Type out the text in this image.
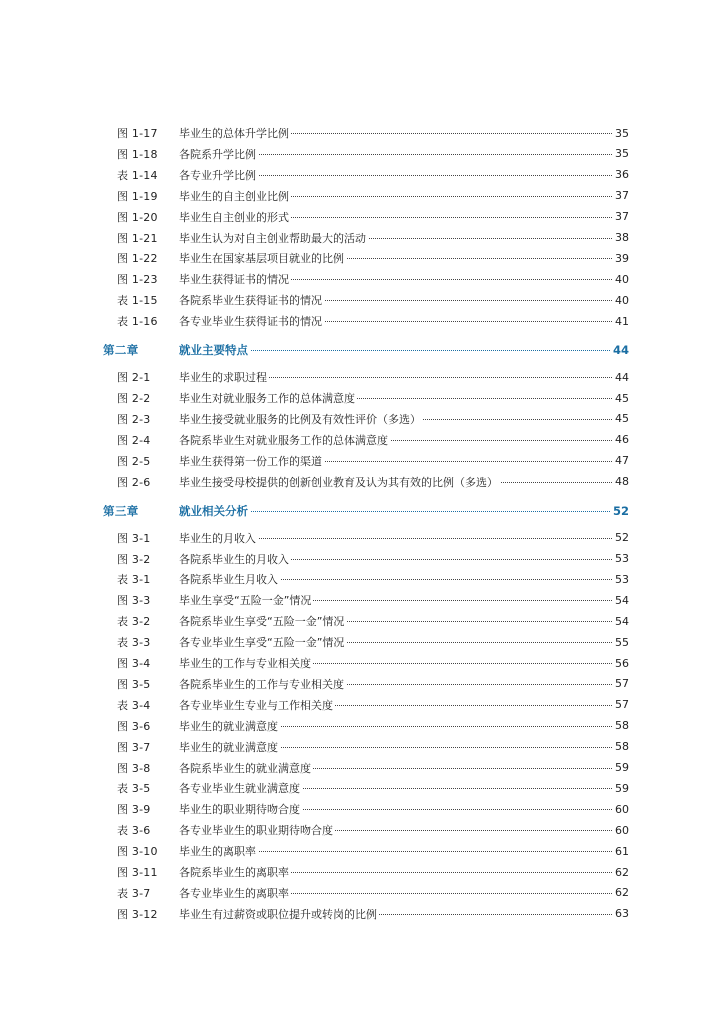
图 1-17 毕业生的总体升学比例	35
图 1-18 各院系升学比例	35
表 1-14 各专业升学比例	36
图 1-19 毕业生的自主创业比例	37
图 1-20 毕业生自主创业的形式	37
图 1-21 毕业生认为对自主创业帮助最大的活动	38
图 1-22 毕业生在国家基层项目就业的比例	39
图 1-23 毕业生获得证书的情况	40
表 1-15 各院系毕业生获得证书的情况	40
表 1-16 各专业毕业生获得证书的情况	41
第二章	就业主要特点	44
图 2-1	毕业生的求职过程	44
图 2-2	毕业生对就业服务工作的总体满意度	45
图 2-3	毕业生接受就业服务的比例及有效性评价（多选）	45
图 2-4	各院系毕业生对就业服务工作的总体满意度	46
图 2-5	毕业生获得第一份工作的渠道	47
图 2-6	毕业生接受母校提供的创新创业教育及认为其有效的比例（多选）	48
第三章	就业相关分析	52
图 3-1	毕业生的月收入	52
图 3-2	各院系毕业生的月收入	53
表 3-1	各院系毕业生月收入	53
图 3-3	毕业生享受“五险一金”情况	54
表 3-2	各院系毕业生享受“五险一金”情况	54
表 3-3	各专业毕业生享受“五险一金”情况	55
图 3-4	毕业生的工作与专业相关度	56
图 3-5	各院系毕业生的工作与专业相关度	57
表 3-4	各专业毕业生专业与工作相关度	57
图 3-6	毕业生的就业满意度	58
图 3-7	毕业生的就业满意度	58
图 3-8	各院系毕业生的就业满意度	59
表 3-5	各专业毕业生就业满意度	59
图 3-9	毕业生的职业期待吻合度	60
表 3-6	各专业毕业生的职业期待吻合度	60
图 3-10 毕业生的离职率	61
图 3-11 各院系毕业生的离职率	62
表 3-7	各专业毕业生的离职率	62
图 3-12 毕业生有过薪资或职位提升或转岗的比例	63
